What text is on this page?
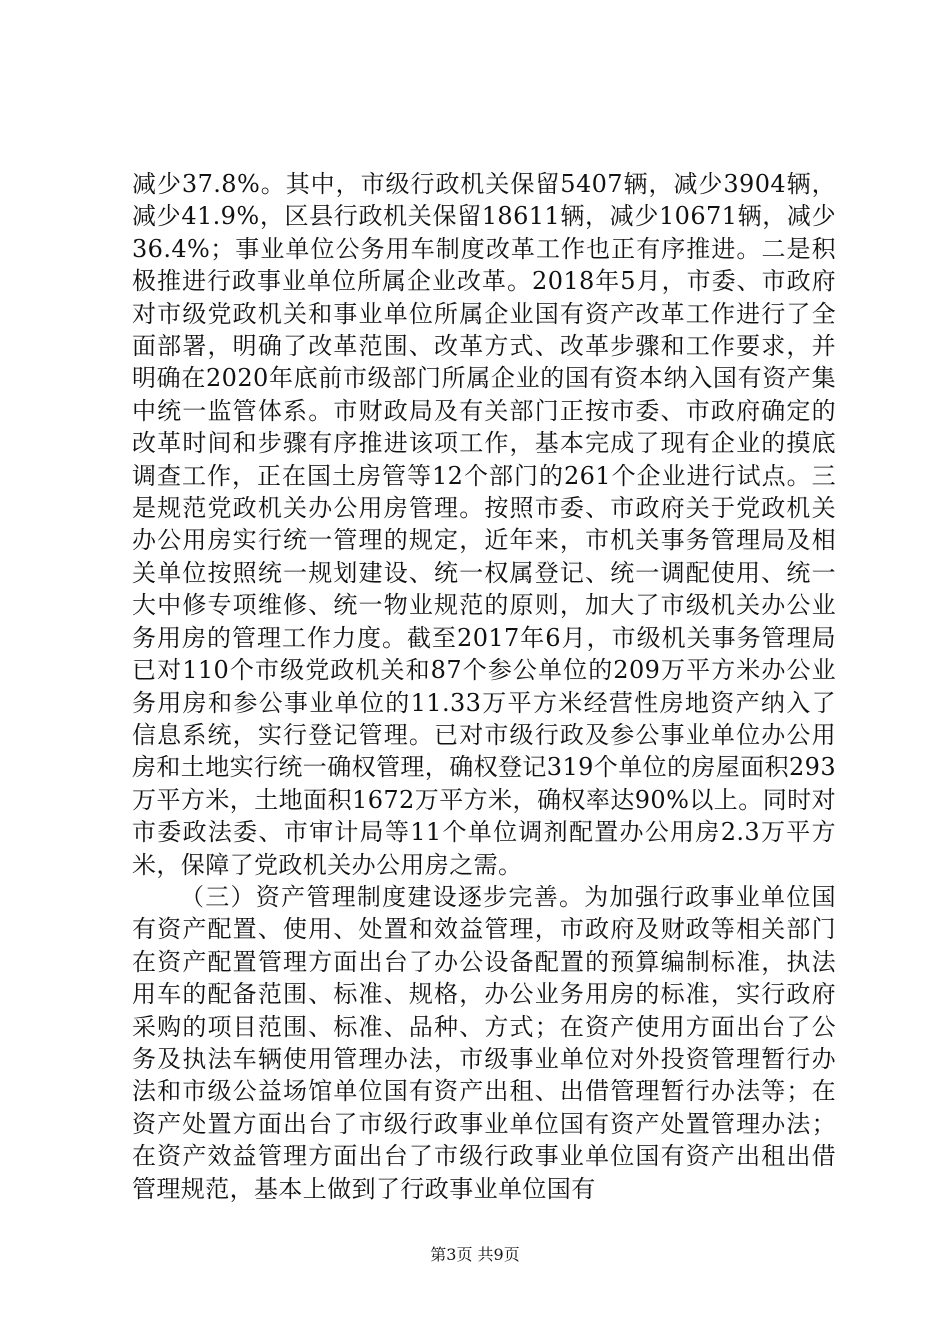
减少37.8%。其中，市级行政机关保留5407辆，减少3904辆，减少41.9%，区县行政机关保留18611辆，减少10671辆，减少36.4%；事业单位公务用车制度改革工作也正有序推进。二是积极推进行政事业单位所属企业改革。2018年5月，市委、市政府对市级党政机关和事业单位所属企业国有资产改革工作进行了全面部署，明确了改革范围、改革方式、改革步骤和工作要求，并明确在2020年底前市级部门所属企业的国有资本纳入国有资产集中统一监管体系。市财政局及有关部门正按市委、市政府确定的改革时间和步骤有序推进该项工作，基本完成了现有企业的摸底调查工作，正在国土房管等12个部门的261个企业进行试点。三是规范党政机关办公用房管理。按照市委、市政府关于党政机关办公用房实行统一管理的规定，近年来，市机关事务管理局及相关单位按照统一规划建设、统一权属登记、统一调配使用、统一大中修专项维修、统一物业规范的原则，加大了市级机关办公业务用房的管理工作力度。截至2017年6月，市级机关事务管理局已对110个市级党政机关和87个参公单位的209万平方米办公业务用房和参公事业单位的11.33万平方米经营性房地资产纳入了信息系统，实行登记管理。已对市级行政及参公事业单位办公用房和土地实行统一确权管理，确权登记319个单位的房屋面积293万平方米，土地面积1672万平方米，确权率达90%以上。同时对市委政法委、市审计局等11个单位调剂配置办公用房2.3万平方米，保障了党政机关办公用房之需。

（三）资产管理制度建设逐步完善。为加强行政事业单位国有资产配置、使用、处置和效益管理，市政府及财政等相关部门在资产配置管理方面出台了办公设备配置的预算编制标准，执法用车的配备范围、标准、规格，办公业务用房的标准，实行政府采购的项目范围、标准、品种、方式；在资产使用方面出台了公务及执法车辆使用管理办法，市级事业单位对外投资管理暂行办法和市级公益场馆单位国有资产出租、出借管理暂行办法等；在资产处置方面出台了市级行政事业单位国有资产处置管理办法；在资产效益管理方面出台了市级行政事业单位国有资产出租出借管理规范，基本上做到了行政事业单位国有

第3页 共9页
